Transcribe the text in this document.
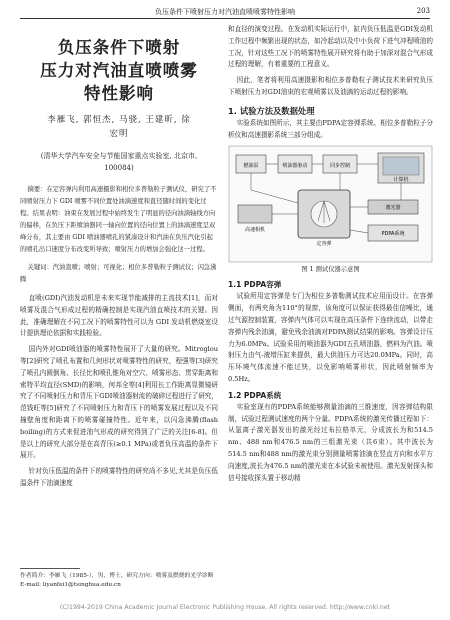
负压条件下喷射压力对汽油直喷喷雾特性影响	203
负压条件下喷射
压力对汽油直喷喷雾
特性影响
李雁飞, 郭恒杰, 马骁, 王建昕, 徐
宏明
(清华大学汽车安全与节能国家重点实验室, 北京市, 100084)
摘要：在定容弹内利用高速摄影和相位多普勒粒子测试仪，研究了不同喷射压力下 GDI 喷雾不同位置处油滴速度和直径随时间的变化过程。结果表明：油束在发展过程中始终发生了明显的径向油滴轴线方向的偏移，在负压下距喷油器同一轴向位置的径向位置上的油滴速度呈双峰分布，其主要由 GDI 喷油器喷孔的紧凑设计和汽油在负压汽化引起的喷孔出口速度分布改变所导致；喷射压力的增加会强化这一过程。
关键词：汽油直喷；喷射；可视化；相位多普勒粒子测试仪；闪急沸腾

直喷(GDI)汽油发动机是未来实现节能减排的主流技术[1]，而对喷雾及混合气形成过程的精确控制是实现汽油直喷技术的关键。因此，准确理解在不同工况下的喷雾特性可以为 GDI 发动机燃烧室设计提供理论依据和实践检验。

国内外对GDI喷油器的喷雾特性展开了大量的研究。Mitroglou等[2]研究了喷孔布置和几何形状对喷雾特性的研究，程强等[3]研究了喷孔内圆倒角、长径比和喷孔锥角对空穴、喷雾形态、贯穿距离和索特平均直径(SMD)的影响，何邦全等[4]利用长工作距离显微镜研究了不同喷射压力和背压下GDI喷油器射流的破碎过程进行了研究，范钱旺等[5]研究了不同喷射压力和背压下的喷雾发展过程以及不同撞壁角度和距离下的喷雾碰撞特性。近年来，以闪急沸腾(flash boiling)的方式来促进油气形成的研究得到了广泛的关注[6-8]。但是以上的研究大部分是在高背压(≥0.1 MPa)或者负压高温的条件下展开。

针对负压低温的条件下的喷雾特性的研究尚不多见,尤其是负压低温条件下油滴速度

作者简介：李雁飞（1985-），男，博士，研究方向：喷雾及燃烧的光学诊断
E-mail: liyanfei1@tsinghua.edu.cn

和直径的演变过程。在发动机实际运行中，缸内负压低温是GDI发动机工作过程中频繁出现的状态，如冷起动以及中小负荷下进气冲程喷油的工况，针对这些工况下的喷雾特性展开研究将有助于加深对混合气形成过程的理解，有着重要的工程意义。

因此，笔者将利用高速摄影和相位多普勒粒子测试技术来研究负压下喷射压力对GDI油束的宏观喷雾以及油滴的运动过程的影响。

1. 试验方法及数据处理

实验系统如图所示，其主要由PDPA定容弹系统、相位多普勒粒子分析仪和高速摄影系统三部分组成。

燃油泵	喷油器驱动	同步控制
计算机
定容弹
高速相机
激光器
PDPA系统
图 1 测试仪器示意图
1.1 PDPA容弹

试验所用定容弹是专门为相位多普勒测试技术应用而设计。在容弹侧面，有两夹角为110°的视窗，该角度可以保证获得最佳信噪比，通过气源控制装置，容弹内气体可以实现在高压条件下连续流动，以带走容弹内残余油滴，避免残余油滴对PDPA测试结果的影响。容弹设计压力为6.0MPa。试验采用的喷油器为GDI五孔喷油器，燃料为汽油。喷射压力由气-液增压缸来提供，最大供油压力可达20.0MPa。同时，高压环境气体流速不能过快，以免影响喷雾形状，因此喷射频率为0.5Hz。

1.2 PDPA系统

实验室现有的PDPA系统能够测量油滴的三维速度，因容弹结构限制，试验过程测试速度的两个分量。PDPA系统的激光传播过程如下：从氩离子激光器发出的激光经过布拉格单元，分成波长为和514.5 nm、488 nm和476.5 nm的三组激光束（共6束）。其中波长为514.5 nm和488 nm的激光束分别测量喷雾油滴在竖直方向和水平方向速度,波长为476.5 nm的激光束在本试验未被使用。激光发射探头和信号接收探头置于移动精

(C)1994-2019 China Academic Journal Electronic Publishing House. All rights reserved. http://www.cnki.net
